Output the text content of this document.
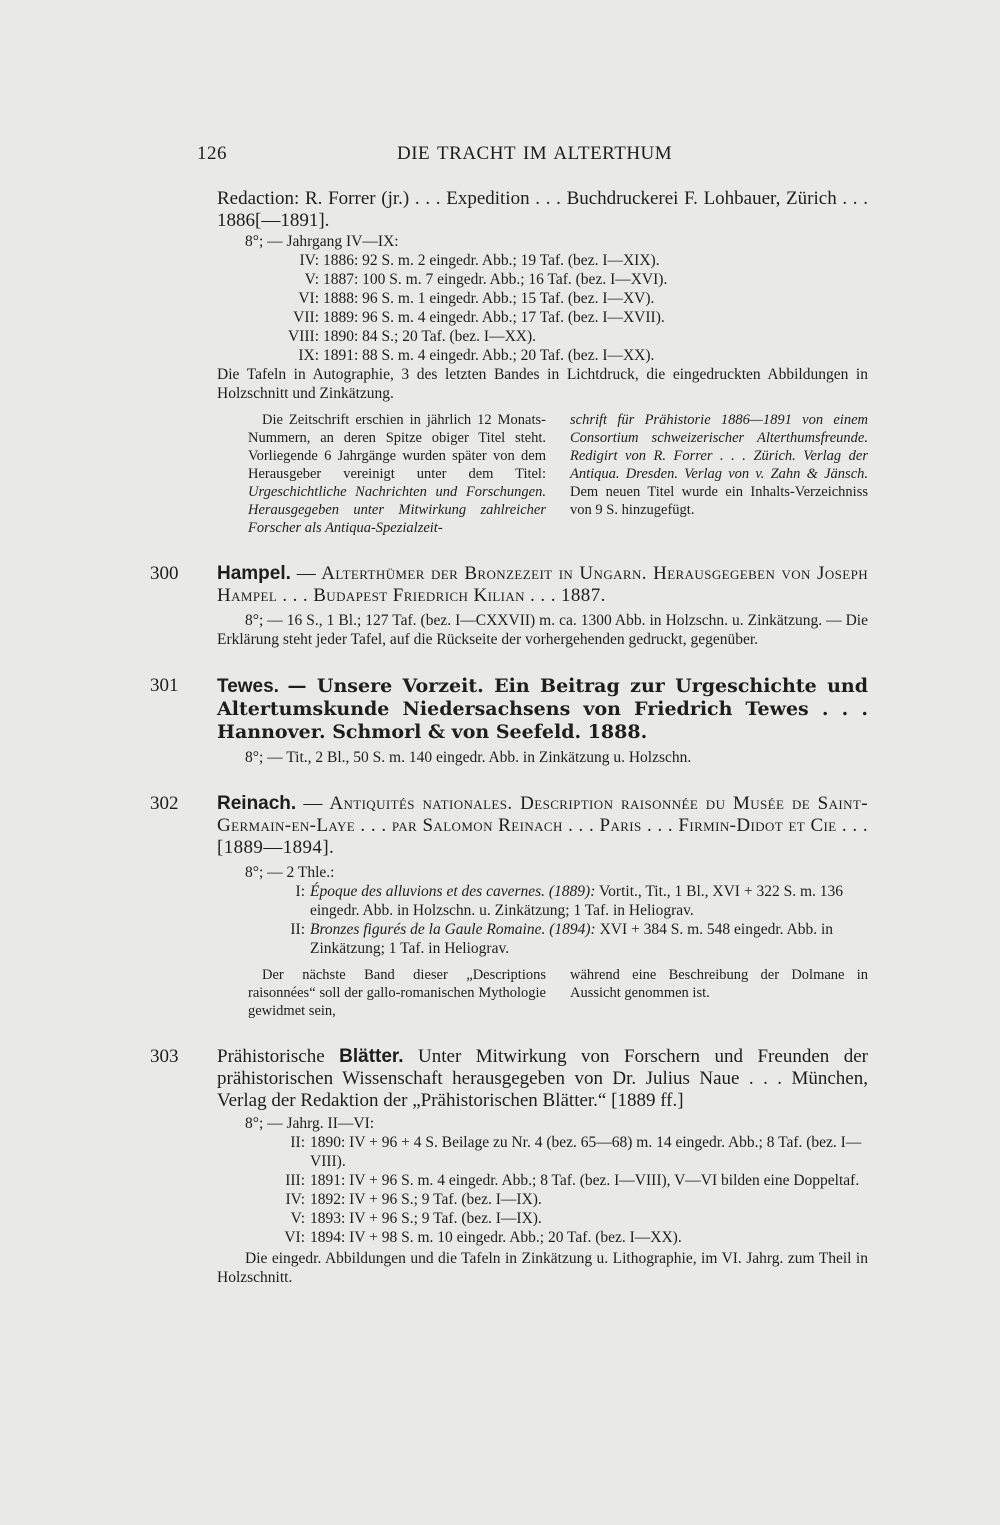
126	DIE TRACHT IM ALTERTHUM
Redaction: R. Forrer (jr.) . . . Expedition . . . Buchdruckerei F. Lohbauer, Zürich . . . 1886[—1891].
8°; — Jahrgang IV—IX:
IV : 1886: 92 S. m. 2 eingedr. Abb.; 19 Taf. (bez. I—XIX).
V : 1887: 100 S. m. 7 eingedr. Abb.; 16 Taf. (bez. I—XVI).
VI : 1888: 96 S. m. 1 eingedr. Abb.; 15 Taf. (bez. I—XV).
VII : 1889: 96 S. m. 4 eingedr. Abb.; 17 Taf. (bez. I—XVII).
VIII : 1890: 84 S.; 20 Taf. (bez. I—XX).
IX : 1891: 88 S. m. 4 eingedr. Abb.; 20 Taf. (bez. I—XX).
Die Tafeln in Autographie, 3 des letzten Bandes in Lichtdruck, die eingedruckten Abbildungen in Holzschnitt und Zinkätzung.

Die Zeitschrift erschien in jährlich 12 Monats-Nummern, an deren Spitze obiger Titel steht. Vorliegende 6 Jahrgänge wurden später von dem Herausgeber vereinigt unter dem Titel: Urgeschichtliche Nachrichten und Forschungen. Herausgegeben unter Mitwirkung zahlreicher Forscher als Antiqua-Spezialzeit-

schrift für Prähistorie 1886—1891 von einem Consortium schweizerischer Alterthumsfreunde. Redigirt von R. Forrer . . . Zürich. Verlag der Antiqua. Dresden. Verlag von v. Zahn & Jänsch. Dem neuen Titel wurde ein Inhalts-Verzeichniss von 9 S. hinzugefügt.

300 Hampel. — Alterthümer der Bronzezeit in Ungarn. Herausgegeben von Joseph Hampel . . . Budapest Friedrich Kilian . . . 1887.
8°; — 16 S., 1 Bl.; 127 Taf. (bez. I—CXXVII) m. ca. 1300 Abb. in Holzschn. u. Zinkätzung. — Die Erklärung steht jeder Tafel, auf die Rückseite der vorhergehenden gedruckt, gegenüber.
301 Tewes. — Unsere Vorzeit. Ein Beitrag zur Urgeschichte und Altertumskunde Niedersachsens von Friedrich Tewes . . . Hannover. Schmorl & von Seefeld. 1888.
8°; — Tit., 2 Bl., 50 S. m. 140 eingedr. Abb. in Zinkätzung u. Holzschn.
302 Reinach. — Antiquités nationales. Description raisonnée du Musée de Saint-Germain-en-Laye . . . par Salomon Reinach . . . Paris . . . Firmin-Didot et Cie . . . [1889—1894].
8°; — 2 Thle.:
I : Époque des alluvions et des cavernes. (1889): Vortit., Tit., 1 Bl., XVI + 322 S. m. 136 eingedr. Abb. in Holzschn. u. Zinkätzung; 1 Taf. in Heliograv.
II : Bronzes figurés de la Gaule Romaine. (1894): XVI + 384 S. m. 548 eingedr. Abb. in Zinkätzung; 1 Taf. in Heliograv.

Der nächste Band dieser „Descriptions raisonnées“ soll der gallo-romanischen Mythologie gewidmet sein,

während eine Beschreibung der Dolmane in Aussicht genommen ist.

303 Prähistorische Blätter. Unter Mitwirkung von Forschern und Freunden der prähistorischen Wissenschaft herausgegeben von Dr. Julius Naue . . . München, Verlag der Redaktion der „Prähistorischen Blätter.“ [1889 ff.]
8°; — Jahrg. II—VI:
II : 1890: IV + 96 + 4 S. Beilage zu Nr. 4 (bez. 65—68) m. 14 eingedr. Abb.; 8 Taf. (bez. I—VIII).
III : 1891: IV + 96 S. m. 4 eingedr. Abb.; 8 Taf. (bez. I—VIII), V—VI bilden eine Doppeltaf.
IV : 1892: IV + 96 S.; 9 Taf. (bez. I—IX).
V : 1893: IV + 96 S.; 9 Taf. (bez. I—IX).
VI : 1894: IV + 98 S. m. 10 eingedr. Abb.; 20 Taf. (bez. I—XX).
Die eingedr. Abbildungen und die Tafeln in Zinkätzung u. Lithographie, im VI. Jahrg. zum Theil in Holzschnitt.
